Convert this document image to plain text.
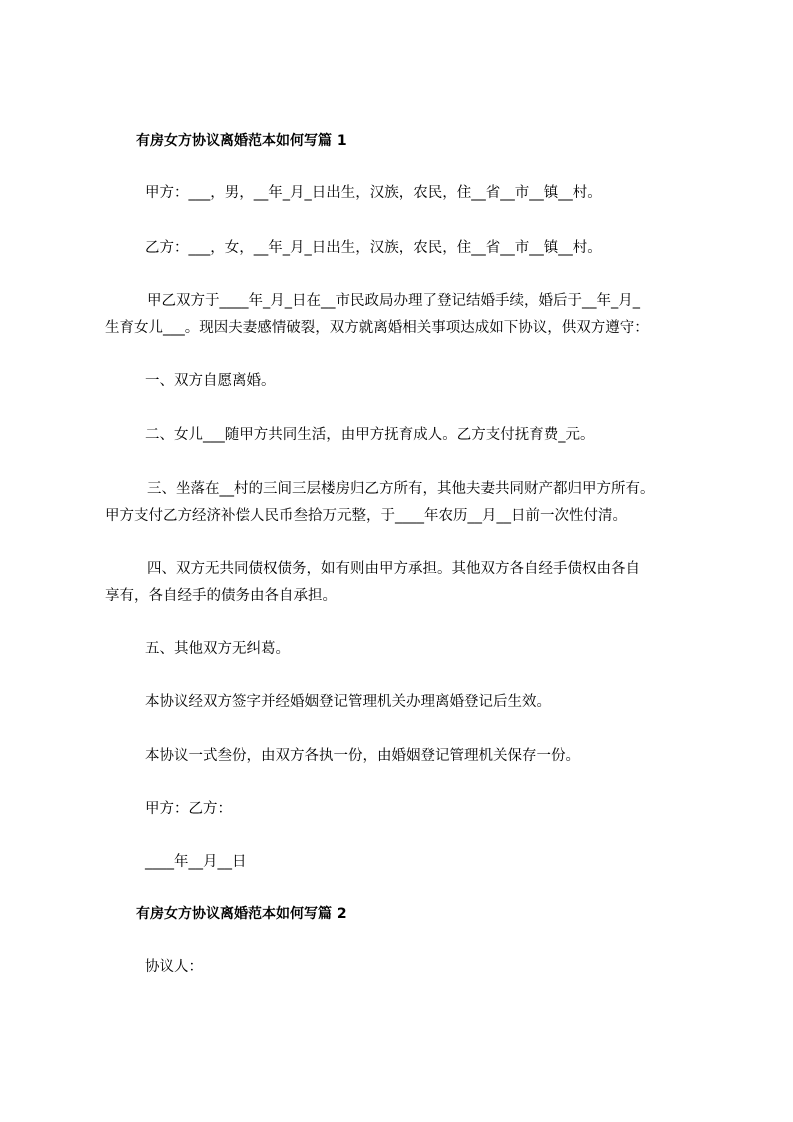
有房女方协议离婚范本如何写篇 1
甲方：___，男，__年_月_日出生，汉族，农民，住__省__市__镇__村。
乙方：___，女，__年_月_日出生，汉族，农民，住__省__市__镇__村。
甲乙双方于____年_月_日在__市民政局办理了登记结婚手续，婚后于__年_月_
生育女儿___。现因夫妻感情破裂，双方就离婚相关事项达成如下协议，供双方遵守：
一、双方自愿离婚。
二、女儿___随甲方共同生活，由甲方抚育成人。乙方支付抚育费_元。
三、坐落在__村的三间三层楼房归乙方所有，其他夫妻共同财产都归甲方所有。
甲方支付乙方经济补偿人民币叁拾万元整，于____年农历__月__日前一次性付清。
四、双方无共同债权债务，如有则由甲方承担。其他双方各自经手债权由各自
享有，各自经手的债务由各自承担。
五、其他双方无纠葛。
本协议经双方签字并经婚姻登记管理机关办理离婚登记后生效。
本协议一式叁份，由双方各执一份，由婚姻登记管理机关保存一份。
甲方：乙方：
____年__月__日
有房女方协议离婚范本如何写篇 2
协议人：
